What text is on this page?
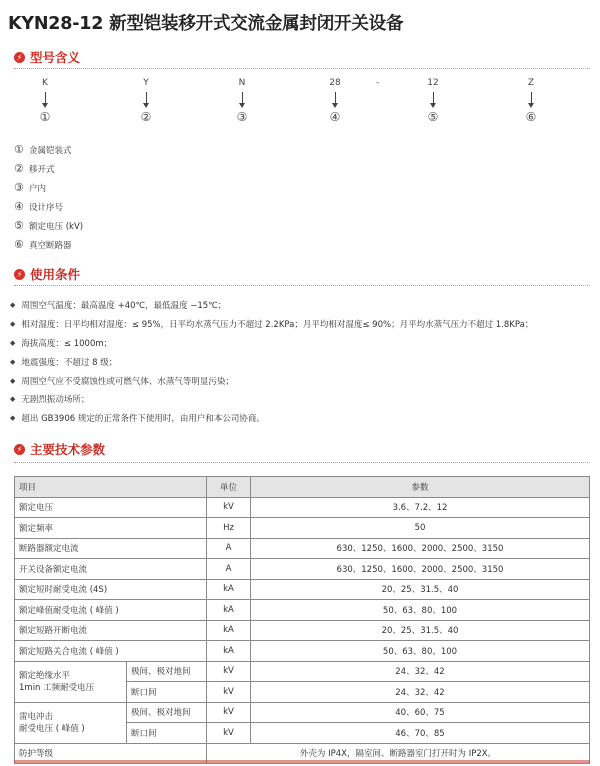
KYN28-12 新型铠装移开式交流金属封闭开关设备
⚡ 型号含义
K
①
Y
②
N
③
28
④
-	12
⑤
Z
⑥
① 金属铠装式
② 移开式
③ 户内
④ 设计序号
⑤ 额定电压 (kV)
⑥ 真空断路器
⚡ 使用条件
◆ 周围空气温度：最高温度 +40℃，最低温度 −15℃；
◆ 相对湿度：日平均相对湿度：≤ 95%，日平均水蒸气压力不超过 2.2KPa；月平均相对湿度≤ 90%；月平均水蒸气压力不超过 1.8KPa；
◆ 海拔高度：≤ 1000m；
◆ 地震强度：不超过 8 级；
◆ 周围空气应不受腐蚀性或可燃气体、水蒸气等明显污染；
◆ 无剧烈振动场所；
◆ 超出 GB3906 规定的正常条件下使用时，由用户和本公司协商。
⚡ 主要技术参数
项目		单位	参数
额定电压		kV	3.6、7.2、12
额定频率		Hz	50
断路器额定电流		A	630、1250、1600、2000、2500、3150
开关设备额定电流		A	630、1250、1600、2000、2500、3150
额定短时耐受电流 (4S)		kA	20、25、31.5、40
额定峰值耐受电流 ( 峰值 )		kA	50、63、80、100
额定短路开断电流		kA	20、25、31.5、40
额定短路关合电流 ( 峰值 )		kA	50、63、80、100
额定绝缘水平
1min 工频耐受电压	极间、极对地间	kV	24、32、42
	断口间	kV	24、32、42
雷电冲击
耐受电压 ( 峰值 )	极间、极对地间	kV	40、60、75
	断口间	kV	46、70、85
防护等级		外壳为 IP4X，隔室间、断路器室门打开时为 IP2X。	
